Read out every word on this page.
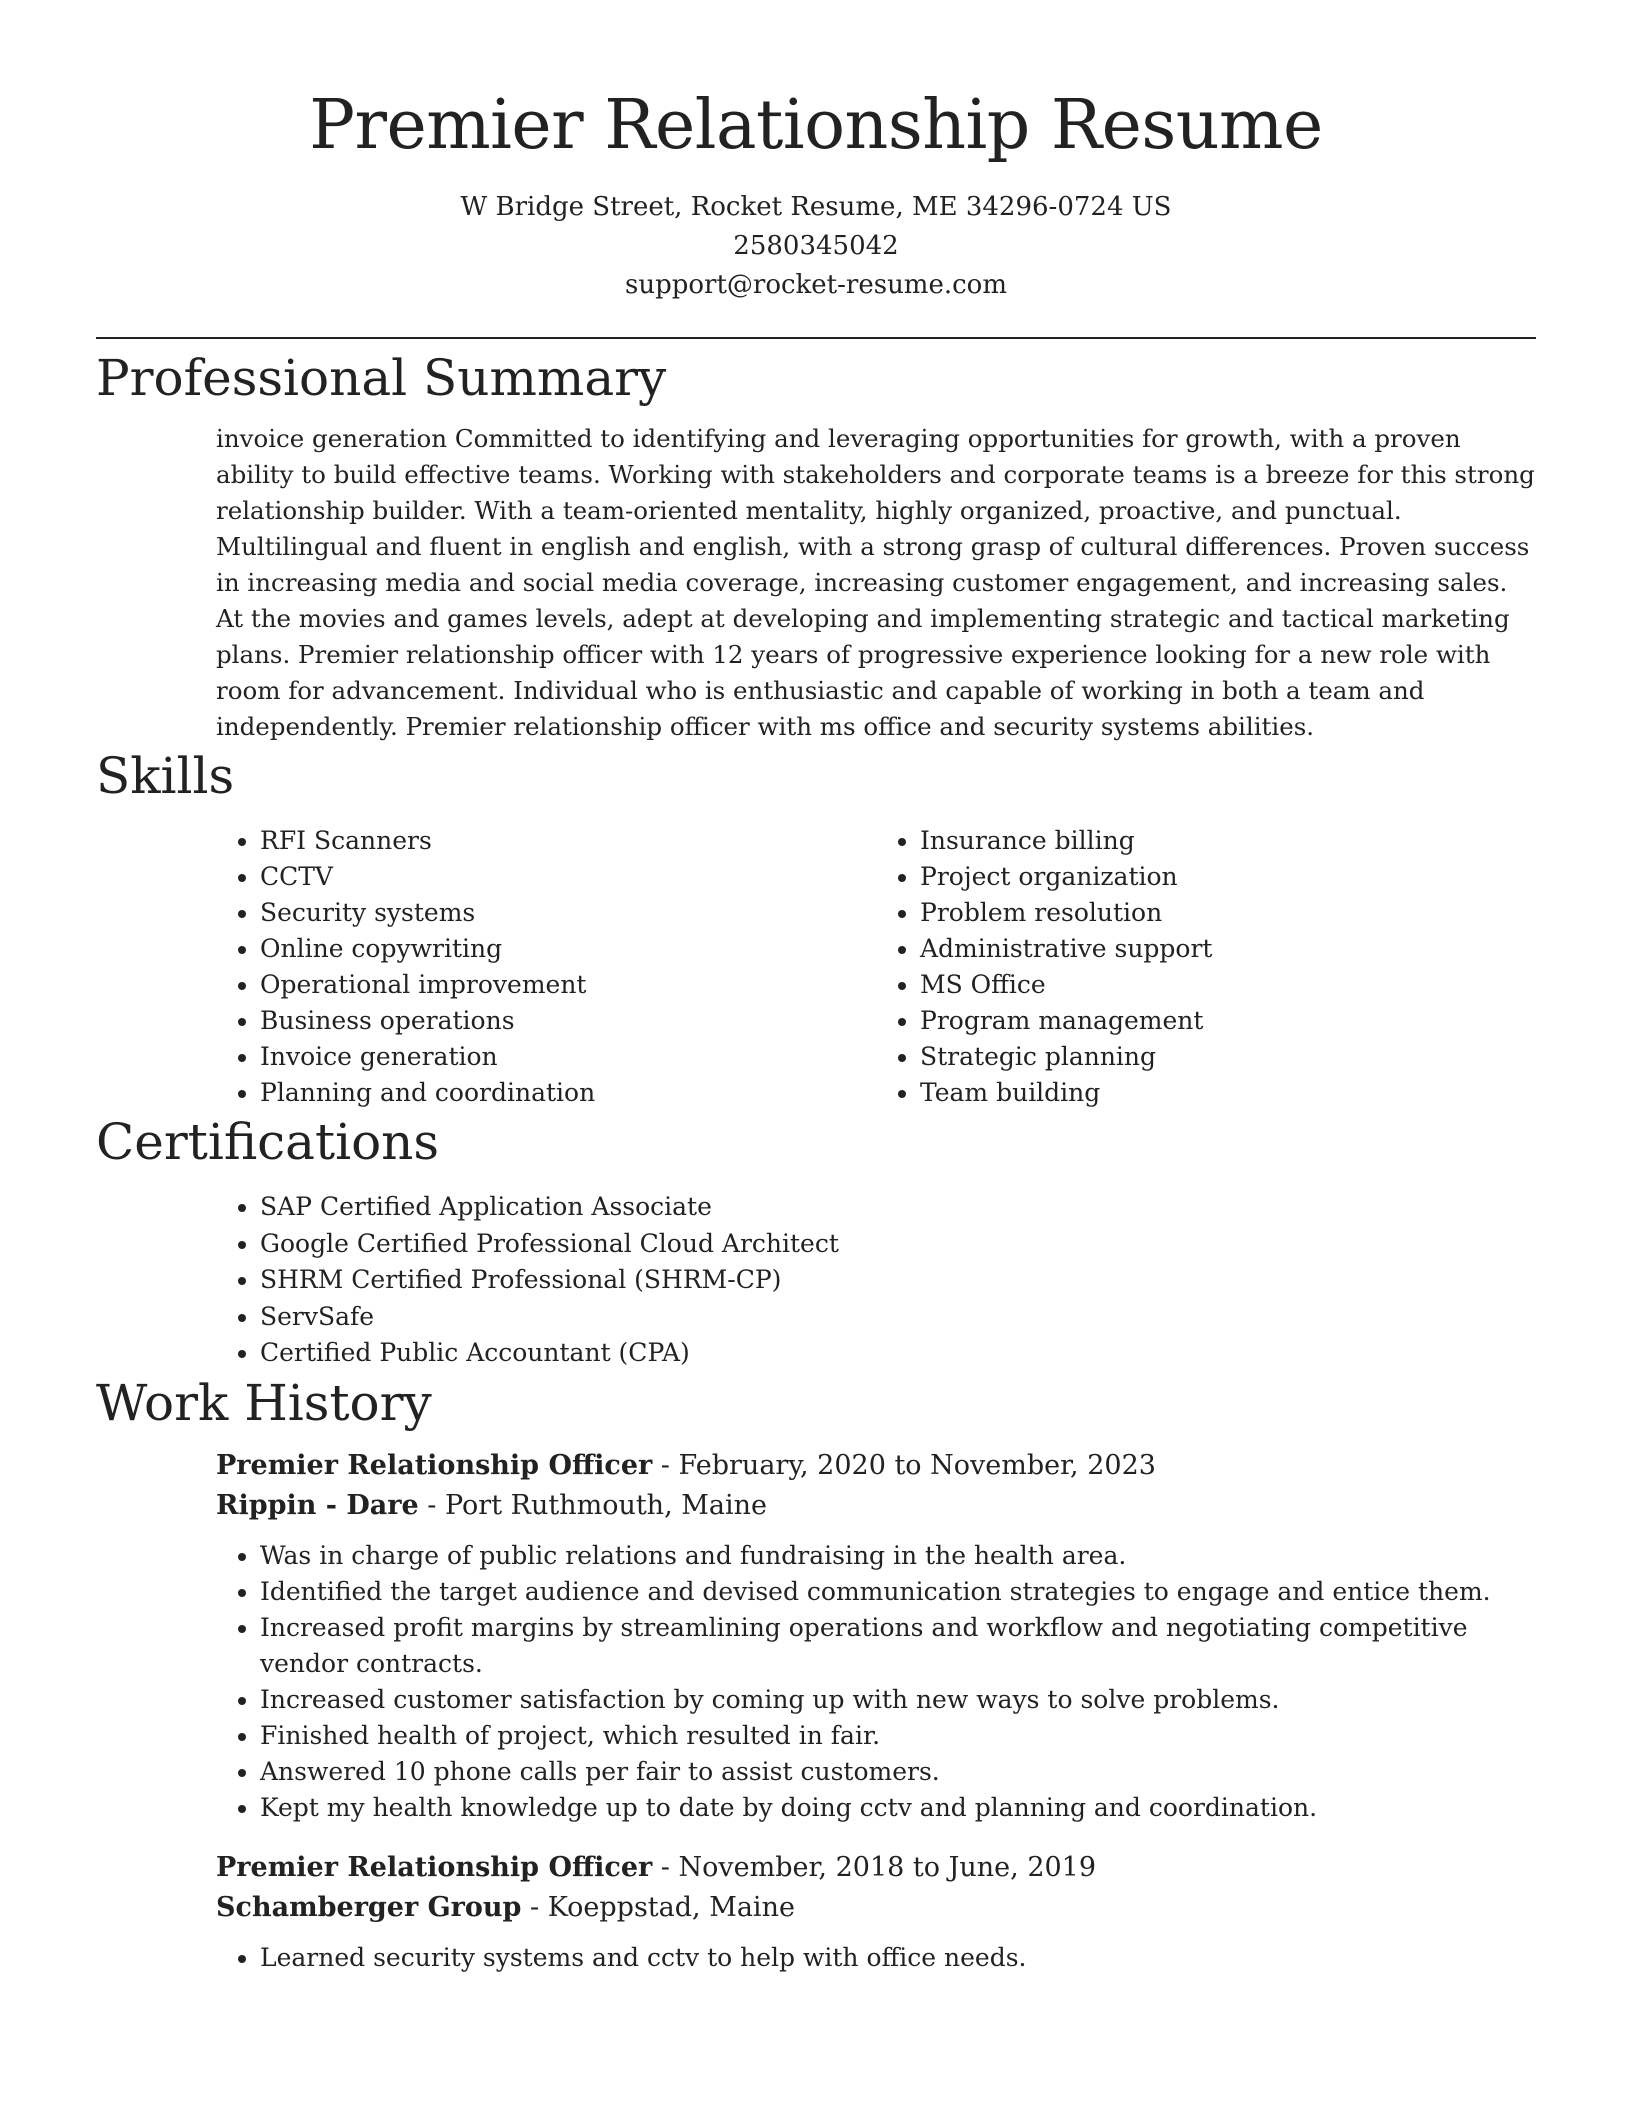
Premier Relationship Resume
W Bridge Street, Rocket Resume, ME 34296-0724 US
2580345042
support@rocket-resume.com
Professional Summary

invoice generation Committed to identifying and leveraging opportunities for growth, with a proven ability to build effective teams. Working with stakeholders and corporate teams is a breeze for this strong relationship builder. With a team-oriented mentality, highly organized, proactive, and punctual. Multilingual and fluent in english and english, with a strong grasp of cultural differences. Proven success in increasing media and social media coverage, increasing customer engagement, and increasing sales. At the movies and games levels, adept at developing and implementing strategic and tactical marketing plans. Premier relationship officer with 12 years of progressive experience looking for a new role with room for advancement. Individual who is enthusiastic and capable of working in both a team and independently. Premier relationship officer with ms office and security systems abilities.

Skills
• RFI Scanners
• CCTV
• Security systems
• Online copywriting
• Operational improvement
• Business operations
• Invoice generation
• Planning and coordination
• Insurance billing
• Project organization
• Problem resolution
• Administrative support
• MS Office
• Program management
• Strategic planning
• Team building
Certifications
• SAP Certified Application Associate
• Google Certified Professional Cloud Architect
• SHRM Certified Professional (SHRM-CP)
• ServSafe
• Certified Public Accountant (CPA)
Work History
Premier Relationship Officer - February, 2020 to November, 2023
Rippin - Dare - Port Ruthmouth, Maine
• Was in charge of public relations and fundraising in the health area.
• Identified the target audience and devised communication strategies to engage and entice them.
• Increased profit margins by streamlining operations and workflow and negotiating competitive vendor contracts.
• Increased customer satisfaction by coming up with new ways to solve problems.
• Finished health of project, which resulted in fair.
• Answered 10 phone calls per fair to assist customers.
• Kept my health knowledge up to date by doing cctv and planning and coordination.
Premier Relationship Officer - November, 2018 to June, 2019
Schamberger Group - Koeppstad, Maine
• Learned security systems and cctv to help with office needs.
